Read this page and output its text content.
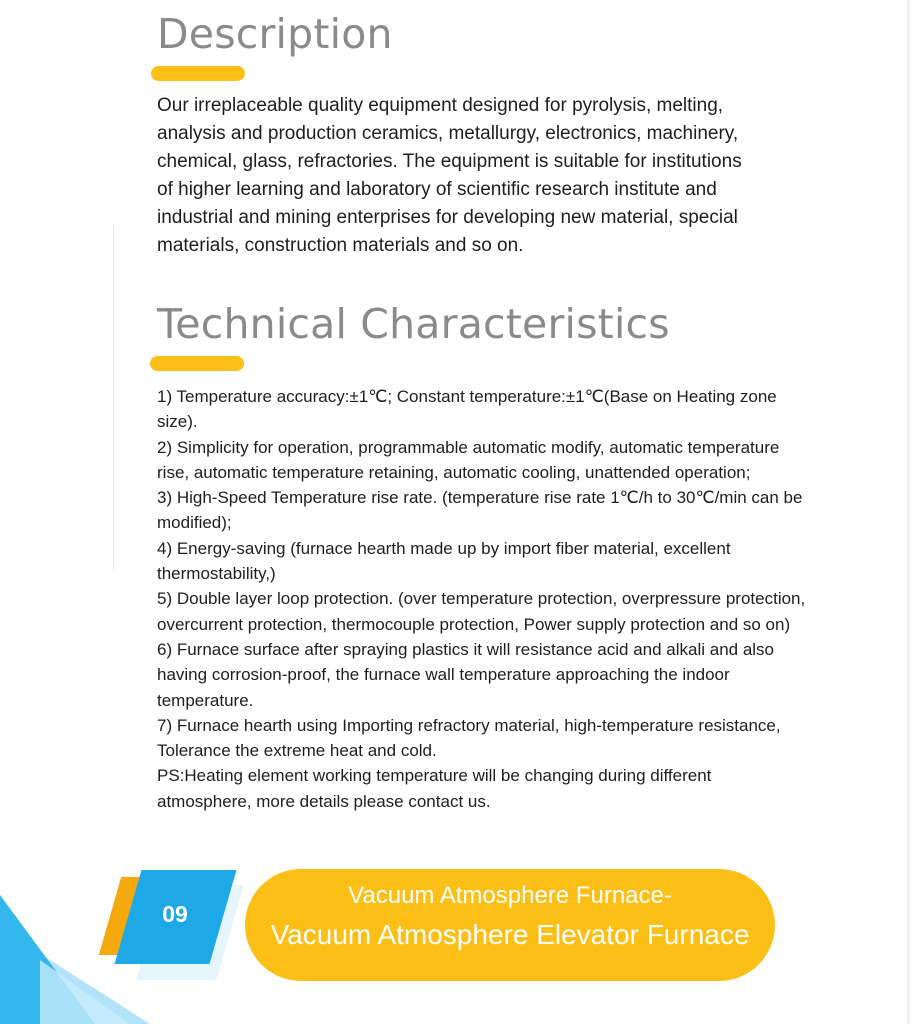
Description

Our irreplaceable quality equipment designed for pyrolysis, melting, analysis and production ceramics, metallurgy, electronics, machinery, chemical, glass, refractories. The equipment is suitable for institutions of higher learning and laboratory of scientific research institute and industrial and mining enterprises for developing new material, special materials, construction materials and so on.

Technical Characteristics
1) Temperature accuracy:±1℃; Constant temperature:±1℃(Base on Heating zone size).
2) Simplicity for operation, programmable automatic modify, automatic temperature rise, automatic temperature retaining, automatic cooling, unattended operation;
3) High-Speed Temperature rise rate. (temperature rise rate 1℃/h to 30℃/min can be modified);
4) Energy-saving (furnace hearth made up by import fiber material, excellent thermostability,)
5) Double layer loop protection. (over temperature protection, overpressure protection, overcurrent protection, thermocouple protection, Power supply protection and so on)
6) Furnace surface after spraying plastics it will resistance acid and alkali and also having corrosion-proof, the furnace wall temperature approaching the indoor temperature.
7) Furnace hearth using Importing refractory material, high-temperature resistance, Tolerance the extreme heat and cold.
PS:Heating element working temperature will be changing during different atmosphere, more details please contact us.
09
Vacuum Atmosphere Furnace-
Vacuum Atmosphere Elevator Furnace
